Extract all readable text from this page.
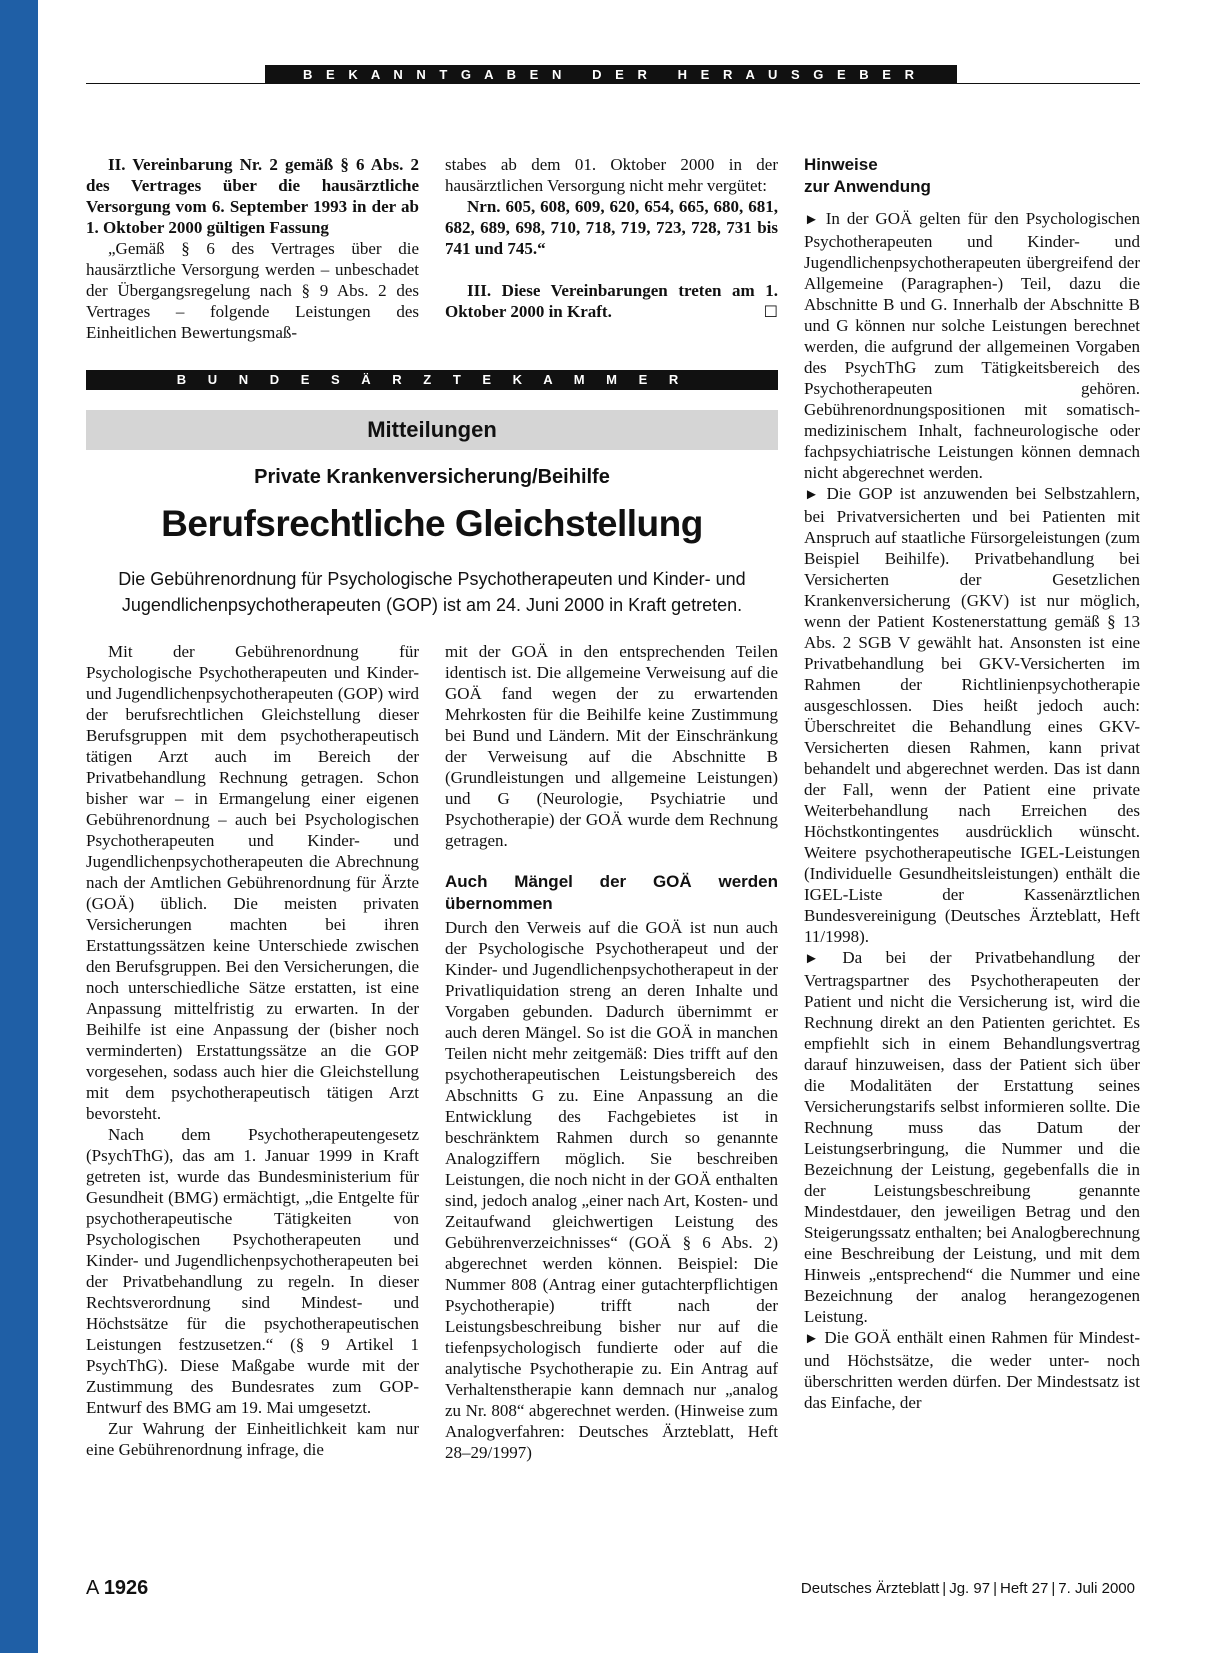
B E K A N N T G A B E N   D E R   H E R A U S G E B E R

II. Vereinbarung Nr. 2 gemäß § 6 Abs. 2 des Vertrages über die hausärztliche Versorgung vom 6. September 1993 in der ab 1. Oktober 2000 gültigen Fassung

„Gemäß § 6 des Vertrages über die hausärztliche Versorgung werden – unbeschadet der Übergangsregelung nach § 9 Abs. 2 des Vertrages – folgende Leistungen des Einheitlichen Bewertungsmaß-

stabes ab dem 01. Oktober 2000 in der hausärztlichen Versorgung nicht mehr vergütet:

Nrn. 605, 608, 609, 620, 654, 665, 680, 681, 682, 689, 698, 710, 718, 719, 723, 728, 731 bis 741 und 745.“

III. Diese Vereinbarungen treten am 1. Oktober 2000 in Kraft.	☐

B U N D E S Ä R Z T E K A M M E R
Mitteilungen
Private Krankenversicherung/Beihilfe
Berufsrechtliche Gleichstellung
Die Gebührenordnung für Psychologische Psychotherapeuten und Kinder- und Jugendlichenpsychotherapeuten (GOP) ist am 24. Juni 2000 in Kraft getreten.

Mit der Gebührenordnung für Psychologische Psychotherapeuten und Kinder- und Jugendlichenpsychotherapeuten (GOP) wird der berufsrechtlichen Gleichstellung dieser Berufsgruppen mit dem psychotherapeutisch tätigen Arzt auch im Bereich der Privatbehandlung Rechnung getragen. Schon bisher war – in Ermangelung einer eigenen Gebührenordnung – auch bei Psychologischen Psychotherapeuten und Kinder- und Jugendlichenpsychotherapeuten die Abrechnung nach der Amtlichen Gebührenordnung für Ärzte (GOÄ) üblich. Die meisten privaten Versicherungen machten bei ihren Erstattungssätzen keine Unterschiede zwischen den Berufsgruppen. Bei den Versicherungen, die noch unterschiedliche Sätze erstatten, ist eine Anpassung mittelfristig zu erwarten. In der Beihilfe ist eine Anpassung der (bisher noch verminderten) Erstattungssätze an die GOP vorgesehen, sodass auch hier die Gleichstellung mit dem psychotherapeutisch tätigen Arzt bevorsteht.

Nach dem Psychotherapeutengesetz (PsychThG), das am 1. Januar 1999 in Kraft getreten ist, wurde das Bundesministerium für Gesundheit (BMG) ermächtigt, „die Entgelte für psychotherapeutische Tätigkeiten von Psychologischen Psychotherapeuten und Kinder- und Jugendlichenpsychotherapeuten bei der Privatbehandlung zu regeln. In dieser Rechtsverordnung sind Mindest- und Höchstsätze für die psychotherapeutischen Leistungen festzusetzen.“ (§ 9 Artikel 1 PsychThG). Diese Maßgabe wurde mit der Zustimmung des Bundesrates zum GOP-Entwurf des BMG am 19. Mai umgesetzt.

Zur Wahrung der Einheitlichkeit kam nur eine Gebührenordnung infrage, die

mit der GOÄ in den entsprechenden Teilen identisch ist. Die allgemeine Verweisung auf die GOÄ fand wegen der zu erwartenden Mehrkosten für die Beihilfe keine Zustimmung bei Bund und Ländern. Mit der Einschränkung der Verweisung auf die Abschnitte B (Grundleistungen und allgemeine Leistungen) und G (Neurologie, Psychiatrie und Psychotherapie) der GOÄ wurde dem Rechnung getragen.

Auch Mängel der GOÄ werden übernommen

Durch den Verweis auf die GOÄ ist nun auch der Psychologische Psychotherapeut und der Kinder- und Jugendlichenpsychotherapeut in der Privatliquidation streng an deren Inhalte und Vorgaben gebunden. Dadurch übernimmt er auch deren Mängel. So ist die GOÄ in manchen Teilen nicht mehr zeitgemäß: Dies trifft auf den psychotherapeutischen Leistungsbereich des Abschnitts G zu. Eine Anpassung an die Entwicklung des Fachgebietes ist in beschränktem Rahmen durch so genannte Analogziffern möglich. Sie beschreiben Leistungen, die noch nicht in der GOÄ enthalten sind, jedoch analog „einer nach Art, Kosten- und Zeitaufwand gleichwertigen Leistung des Gebührenverzeichnisses“ (GOÄ § 6 Abs. 2) abgerechnet werden können. Beispiel: Die Nummer 808 (Antrag einer gutachterpflichtigen Psychotherapie) trifft nach der Leistungsbeschreibung bisher nur auf die tiefenpsychologisch fundierte oder auf die analytische Psychotherapie zu. Ein Antrag auf Verhaltenstherapie kann demnach nur „analog zu Nr. 808“ abgerechnet werden. (Hinweise zum Analogverfahren: Deutsches Ärzteblatt, Heft 28–29/1997)

Hinweise

zur Anwendung

► In der GOÄ gelten für den Psychologischen Psychotherapeuten und Kinder- und Jugendlichenpsychotherapeuten übergreifend der Allgemeine (Paragraphen-) Teil, dazu die Abschnitte B und G. Innerhalb der Abschnitte B und G können nur solche Leistungen berechnet werden, die aufgrund der allgemeinen Vorgaben des PsychThG zum Tätigkeitsbereich des Psychotherapeuten gehören. Gebührenordnungspositionen mit somatisch-medizinischem Inhalt, fachneurologische oder fachpsychiatrische Leistungen können demnach nicht abgerechnet werden.

► Die GOP ist anzuwenden bei Selbstzahlern, bei Privatversicherten und bei Patienten mit Anspruch auf staatliche Fürsorgeleistungen (zum Beispiel Beihilfe). Privatbehandlung bei Versicherten der Gesetzlichen Krankenversicherung (GKV) ist nur möglich, wenn der Patient Kostenerstattung gemäß § 13 Abs. 2 SGB V gewählt hat. Ansonsten ist eine Privatbehandlung bei GKV-Versicherten im Rahmen der Richtlinienpsychotherapie ausgeschlossen. Dies heißt jedoch auch: Überschreitet die Behandlung eines GKV-Versicherten diesen Rahmen, kann privat behandelt und abgerechnet werden. Das ist dann der Fall, wenn der Patient eine private Weiterbehandlung nach Erreichen des Höchstkontingentes ausdrücklich wünscht. Weitere psychotherapeutische IGEL-Leistungen (Individuelle Gesundheitsleistungen) enthält die IGEL-Liste der Kassenärztlichen Bundesvereinigung (Deutsches Ärzteblatt, Heft 11/1998).

► Da bei der Privatbehandlung der Vertragspartner des Psychotherapeuten der Patient und nicht die Versicherung ist, wird die Rechnung direkt an den Patienten gerichtet. Es empfiehlt sich in einem Behandlungsvertrag darauf hinzuweisen, dass der Patient sich über die Modalitäten der Erstattung seines Versicherungstarifs selbst informieren sollte. Die Rechnung muss das Datum der Leistungserbringung, die Nummer und die Bezeichnung der Leistung, gegebenfalls die in der Leistungsbeschreibung genannte Mindestdauer, den jeweiligen Betrag und den Steigerungssatz enthalten; bei Analogberechnung eine Beschreibung der Leistung, und mit dem Hinweis „entsprechend“ die Nummer und eine Bezeichnung der analog herangezogenen Leistung.

► Die GOÄ enthält einen Rahmen für Mindest- und Höchstsätze, die weder unter- noch überschritten werden dürfen. Der Mindestsatz ist das Einfache, der

A 1926	Deutsches Ärzteblatt | Jg. 97 | Heft 27 | 7. Juli 2000
